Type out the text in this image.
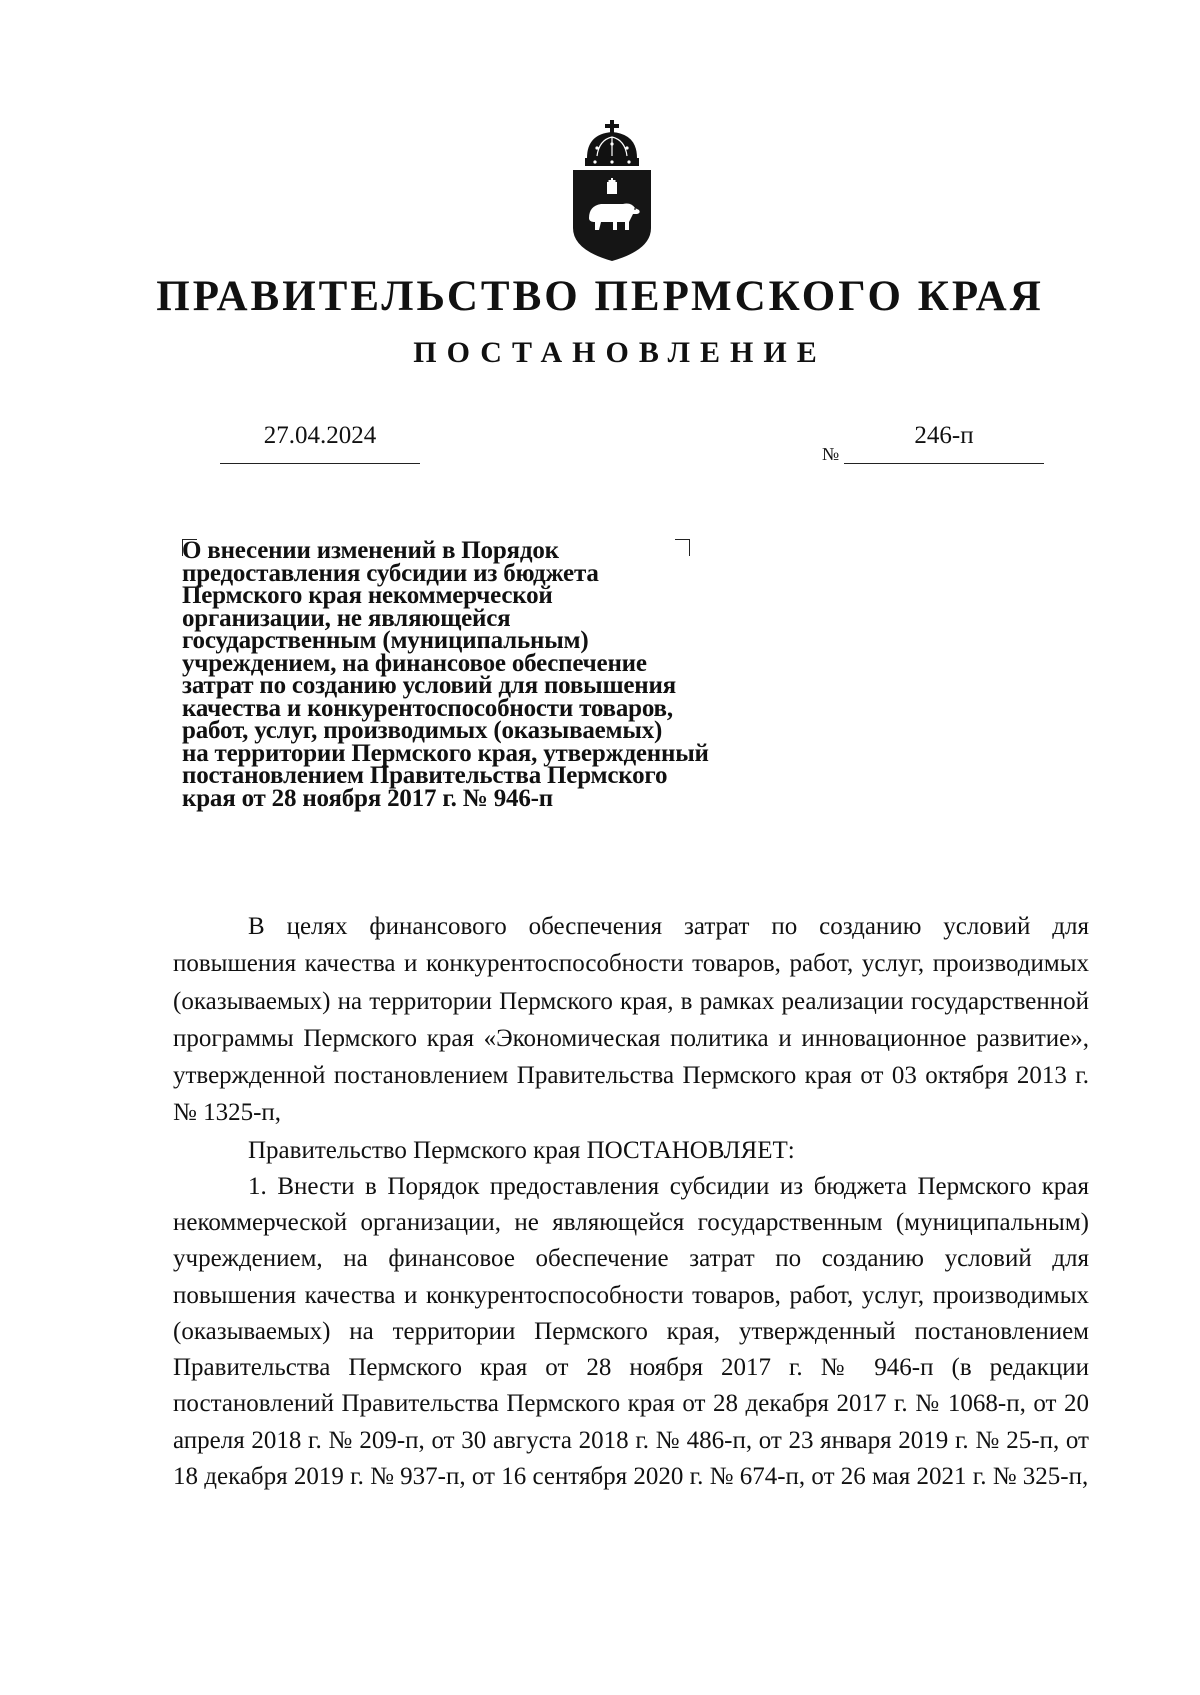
ПРАВИТЕЛЬСТВО ПЕРМСКОГО КРАЯ
ПОСТАНОВЛЕНИЕ
27.04.2024
№
246-п
О внесении изменений в Порядок
предоставления субсидии из бюджета
Пермского края некоммерческой
организации, не являющейся
государственным (муниципальным)
учреждением, на финансовое обеспечение
затрат по созданию условий для повышения
качества и конкурентоспособности товаров,
работ, услуг, производимых (оказываемых)
на территории Пермского края, утвержденный
постановлением Правительства Пермского
края от 28 ноября 2017 г. № 946-п

В целях финансового обеспечения затрат по созданию условий для повышения качества и конкурентоспособности товаров, работ, услуг, производимых (оказываемых) на территории Пермского края, в рамках реализации государственной программы Пермского края «Экономическая политика и инновационное развитие», утвержденной постановлением Правительства Пермского края от 03 октября 2013 г. № 1325-п,

Правительство Пермского края ПОСТАНОВЛЯЕТ:

1. Внести в Порядок предоставления субсидии из бюджета Пермского края некоммерческой организации, не являющейся государственным (муниципальным) учреждением, на финансовое обеспечение затрат по созданию условий для повышения качества и конкурентоспособности товаров, работ, услуг, производимых (оказываемых) на территории Пермского края, утвержденный постановлением Правительства Пермского края от 28 ноября 2017 г. № 946-п (в редакции постановлений Правительства Пермского края от 28 декабря 2017 г. № 1068-п, от 20 апреля 2018 г. № 209-п, от 30 августа 2018 г. № 486-п, от 23 января 2019 г. № 25-п, от 18 декабря 2019 г. № 937-п, от 16 сентября 2020 г. № 674-п, от 26 мая 2021 г. № 325-п,
